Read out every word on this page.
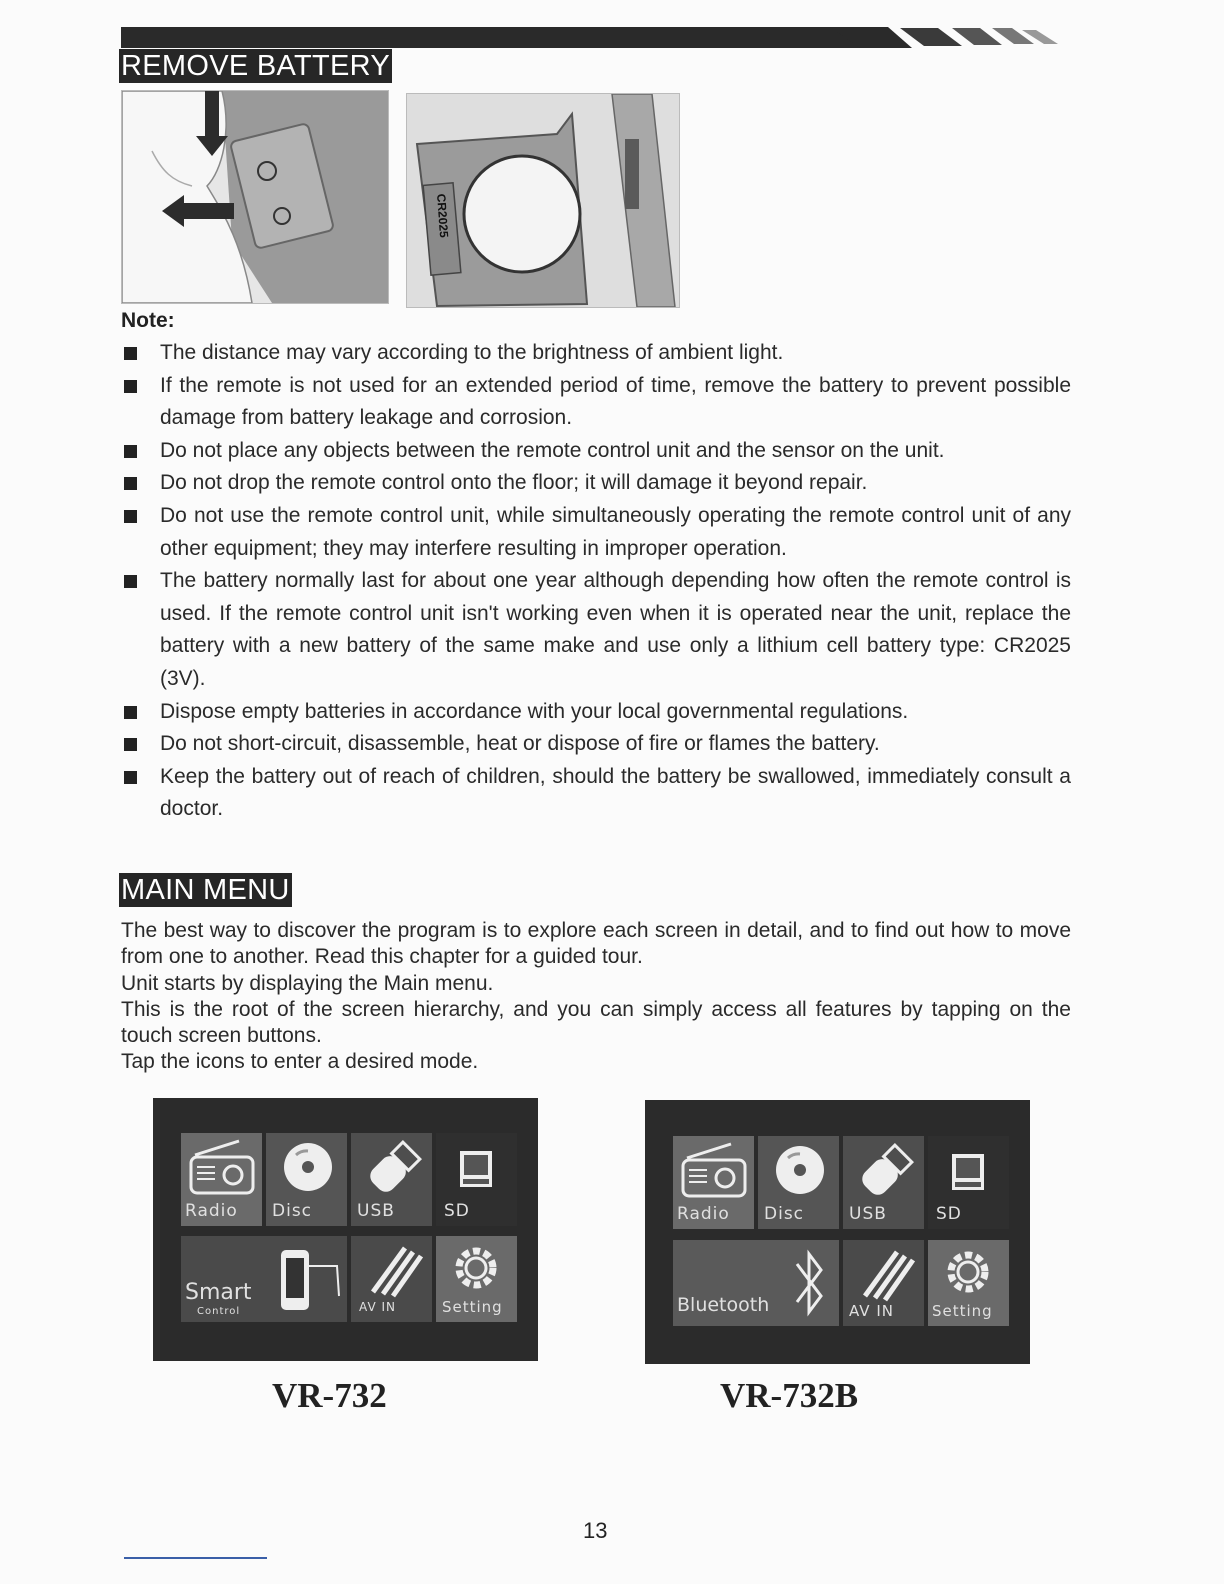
REMOVE BATTERY
CR2025
Note:
The distance may vary according to the brightness of ambient light.
If the remote is not used for an extended period of time, remove the battery to prevent possible damage from battery leakage and corrosion.
Do not place any objects between the remote control unit and the sensor on the unit.
Do not drop the remote control onto the floor; it will damage it beyond repair.
Do not use the remote control unit, while simultaneously operating the remote control unit of any other equipment; they may interfere resulting in improper operation.
The battery normally last for about one year although depending how often the remote control is used. If the remote control unit isn't working even when it is operated near the unit, replace the battery with a new battery of the same make and use only a lithium cell battery type: CR2025 (3V).
Dispose empty batteries in accordance with your local governmental regulations.
Do not short-circuit, disassemble, heat or dispose of fire or flames the battery.
Keep the battery out of reach of children, should the battery be swallowed, immediately consult a doctor.
MAIN MENU

The best way to discover the program is to explore each screen in detail, and to find out how to move from one to another. Read this chapter for a guided tour.

Unit starts by displaying the Main menu.

This is the root of the screen hierarchy, and you can simply access all features by tapping on the touch screen buttons.

Tap the icons to enter a desired mode.

Radio Disc	USB	SD
Smart
Control	AV IN	Setting
VR-732
Radio Disc	USB	SD
Bluetooth	AV IN	Setting
VR-732B
13
